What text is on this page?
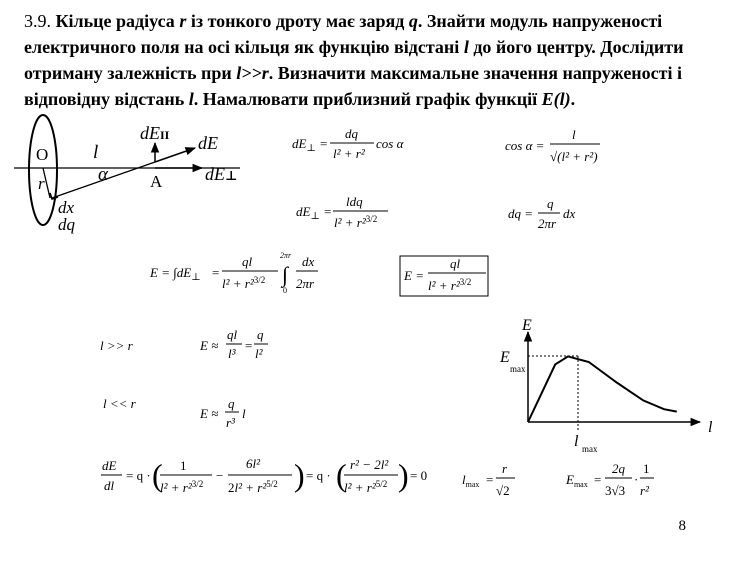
3.9. Кільце радіуса r із тонкого дроту має заряд q. Знайти модуль напруженості електричного поля на осі кільця як функцію відстані l до його центру. Дослідити отриману залежність при l>>r. Визначити максимальне значення напруженості і відповідну відстань l. Намалювати приблизний графік функції E(l).
O
r
l
α A
dEII dE
dE⊥
dx
dq
$dE_\perp$ =
dq
l² + r²
cos α	cos α =
l
√(l² + r²)
$dE_\perp$ =
ldq
l² + r²$^{3/2}$	dq =
q
2πr
dx
$E = \int dE_\perp$ =
ql
l² + r²$^{3/2}$ ∫
2πr
0
dx
2πr
E =
ql
l² + r²$^{3/2}$
l >> r	E ≈
ql
l³
=
q
l²
l << r
E ≈
q
r³
l
dE
dl
= q · ( 1
l² + r²$^{3/2}$
−
6l²
2l² + r²$^{5/2}$ ) = q · ( r² − 2l²
l² + r²$^{5/2}$ ) = 0	$l_{max}$ =
r
√2
$E_{max}$ =
2q
3√3
·
1
r²
E
l
E
max
l max
8
